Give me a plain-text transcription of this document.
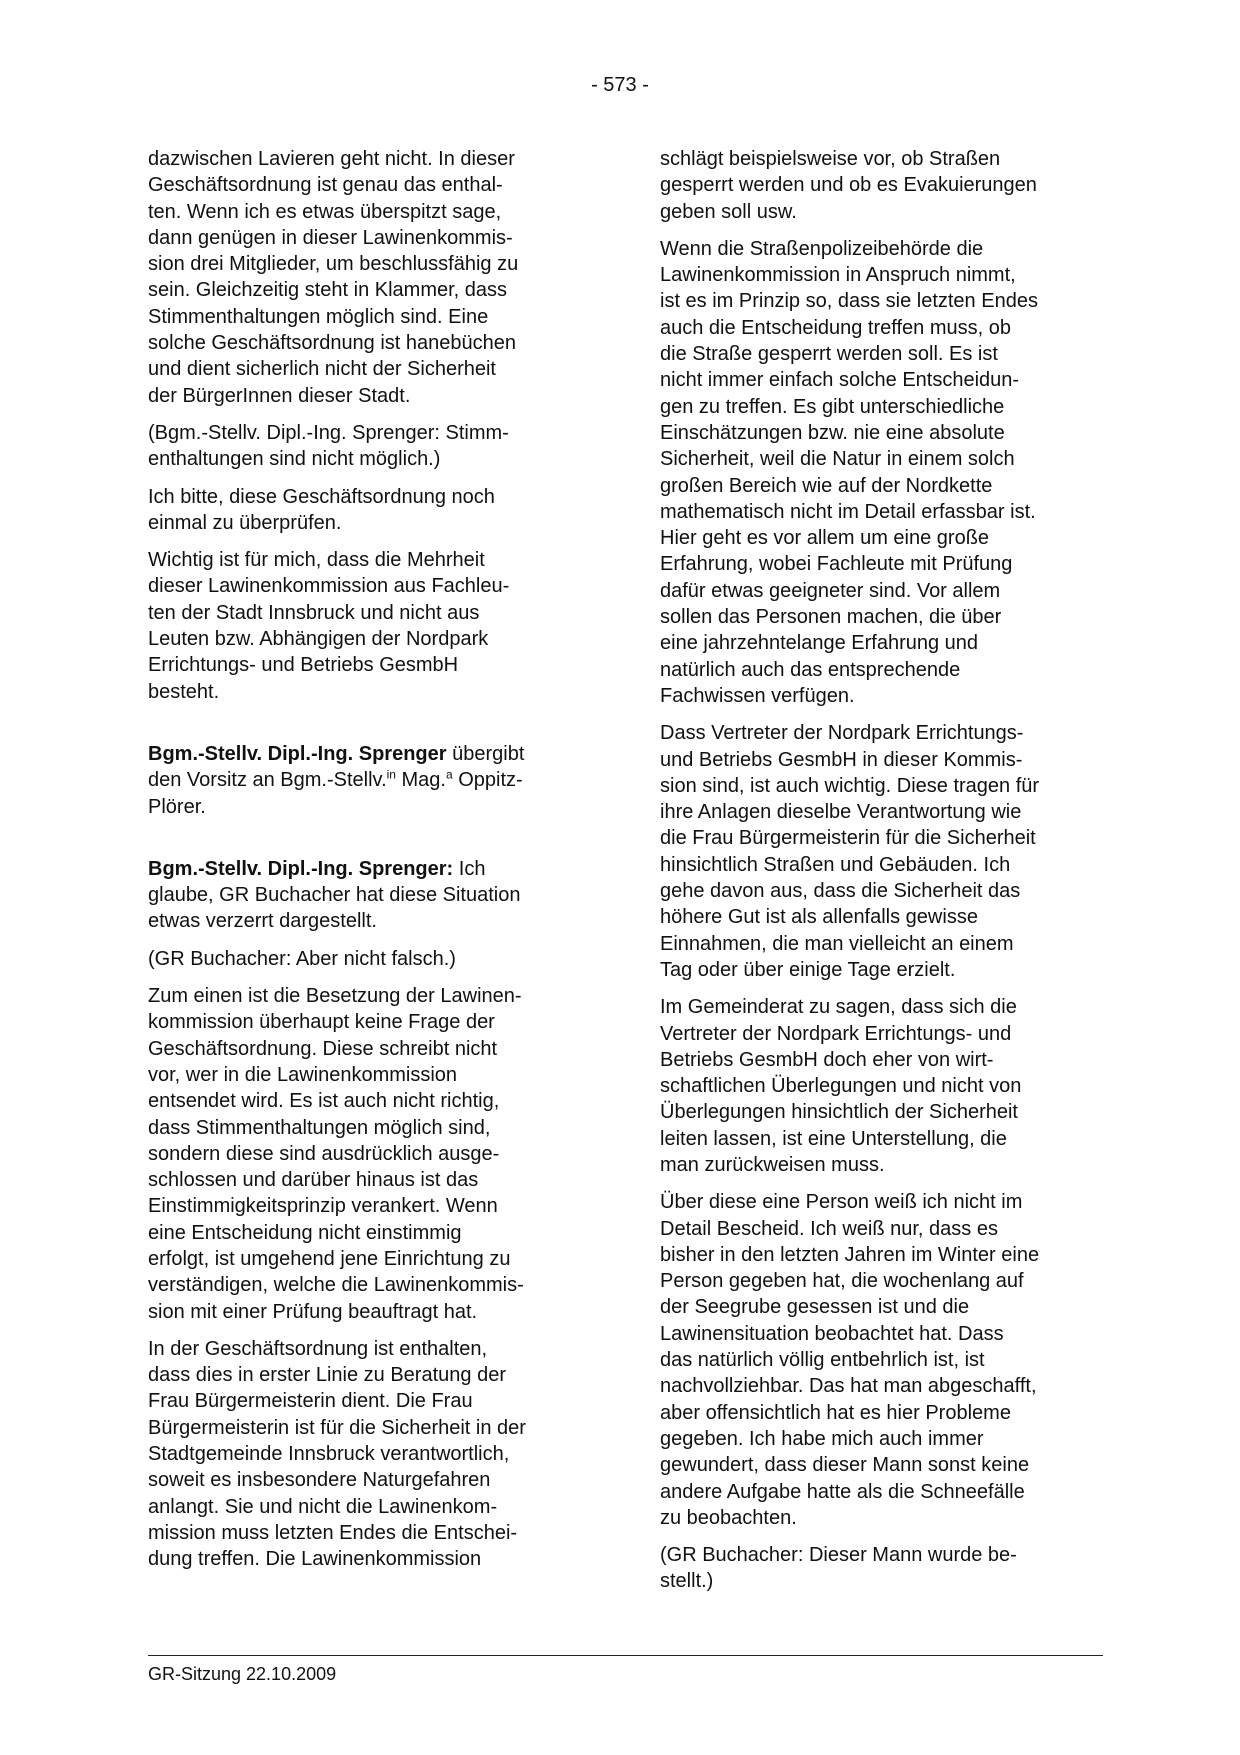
- 573 -

dazwischen Lavieren geht nicht. In dieser
Geschäftsordnung ist genau das enthal-
ten. Wenn ich es etwas überspitzt sage,
dann genügen in dieser Lawinenkommis-
sion drei Mitglieder, um beschlussfähig zu
sein. Gleichzeitig steht in Klammer, dass
Stimmenthaltungen möglich sind. Eine
solche Geschäftsordnung ist hanebüchen
und dient sicherlich nicht der Sicherheit
der BürgerInnen dieser Stadt.

(Bgm.-Stellv. Dipl.-Ing. Sprenger: Stimm-
enthaltungen sind nicht möglich.)

Ich bitte, diese Geschäftsordnung noch
einmal zu überprüfen.

Wichtig ist für mich, dass die Mehrheit
dieser Lawinenkommission aus Fachleu-
ten der Stadt Innsbruck und nicht aus
Leuten bzw. Abhängigen der Nordpark
Errichtungs- und Betriebs GesmbH
besteht.

Bgm.-Stellv. Dipl.-Ing. Sprenger übergibt
den Vorsitz an Bgm.-Stellv.$^{in}$ Mag.$^a$ Oppitz-
Plörer.

Bgm.-Stellv. Dipl.-Ing. Sprenger: Ich
glaube, GR Buchacher hat diese Situation
etwas verzerrt dargestellt.

(GR Buchacher: Aber nicht falsch.)

Zum einen ist die Besetzung der Lawinen-
kommission überhaupt keine Frage der
Geschäftsordnung. Diese schreibt nicht
vor, wer in die Lawinenkommission
entsendet wird. Es ist auch nicht richtig,
dass Stimmenthaltungen möglich sind,
sondern diese sind ausdrücklich ausge-
schlossen und darüber hinaus ist das
Einstimmigkeitsprinzip verankert. Wenn
eine Entscheidung nicht einstimmig
erfolgt, ist umgehend jene Einrichtung zu
verständigen, welche die Lawinenkommis-
sion mit einer Prüfung beauftragt hat.

In der Geschäftsordnung ist enthalten,
dass dies in erster Linie zu Beratung der
Frau Bürgermeisterin dient. Die Frau
Bürgermeisterin ist für die Sicherheit in der
Stadtgemeinde Innsbruck verantwortlich,
soweit es insbesondere Naturgefahren
anlangt. Sie und nicht die Lawinenkom-
mission muss letzten Endes die Entschei-
dung treffen. Die Lawinenkommission

schlägt beispielsweise vor, ob Straßen
gesperrt werden und ob es Evakuierungen
geben soll usw.

Wenn die Straßenpolizeibehörde die
Lawinenkommission in Anspruch nimmt,
ist es im Prinzip so, dass sie letzten Endes
auch die Entscheidung treffen muss, ob
die Straße gesperrt werden soll. Es ist
nicht immer einfach solche Entscheidun-
gen zu treffen. Es gibt unterschiedliche
Einschätzungen bzw. nie eine absolute
Sicherheit, weil die Natur in einem solch
großen Bereich wie auf der Nordkette
mathematisch nicht im Detail erfassbar ist.
Hier geht es vor allem um eine große
Erfahrung, wobei Fachleute mit Prüfung
dafür etwas geeigneter sind. Vor allem
sollen das Personen machen, die über
eine jahrzehntelange Erfahrung und
natürlich auch das entsprechende
Fachwissen verfügen.

Dass Vertreter der Nordpark Errichtungs-
und Betriebs GesmbH in dieser Kommis-
sion sind, ist auch wichtig. Diese tragen für
ihre Anlagen dieselbe Verantwortung wie
die Frau Bürgermeisterin für die Sicherheit
hinsichtlich Straßen und Gebäuden. Ich
gehe davon aus, dass die Sicherheit das
höhere Gut ist als allenfalls gewisse
Einnahmen, die man vielleicht an einem
Tag oder über einige Tage erzielt.

Im Gemeinderat zu sagen, dass sich die
Vertreter der Nordpark Errichtungs- und
Betriebs GesmbH doch eher von wirt-
schaftlichen Überlegungen und nicht von
Überlegungen hinsichtlich der Sicherheit
leiten lassen, ist eine Unterstellung, die
man zurückweisen muss.

Über diese eine Person weiß ich nicht im
Detail Bescheid. Ich weiß nur, dass es
bisher in den letzten Jahren im Winter eine
Person gegeben hat, die wochenlang auf
der Seegrube gesessen ist und die
Lawinensituation beobachtet hat. Dass
das natürlich völlig entbehrlich ist, ist
nachvollziehbar. Das hat man abgeschafft,
aber offensichtlich hat es hier Probleme
gegeben. Ich habe mich auch immer
gewundert, dass dieser Mann sonst keine
andere Aufgabe hatte als die Schneefälle
zu beobachten.

(GR Buchacher: Dieser Mann wurde be-
stellt.)

GR-Sitzung 22.10.2009
